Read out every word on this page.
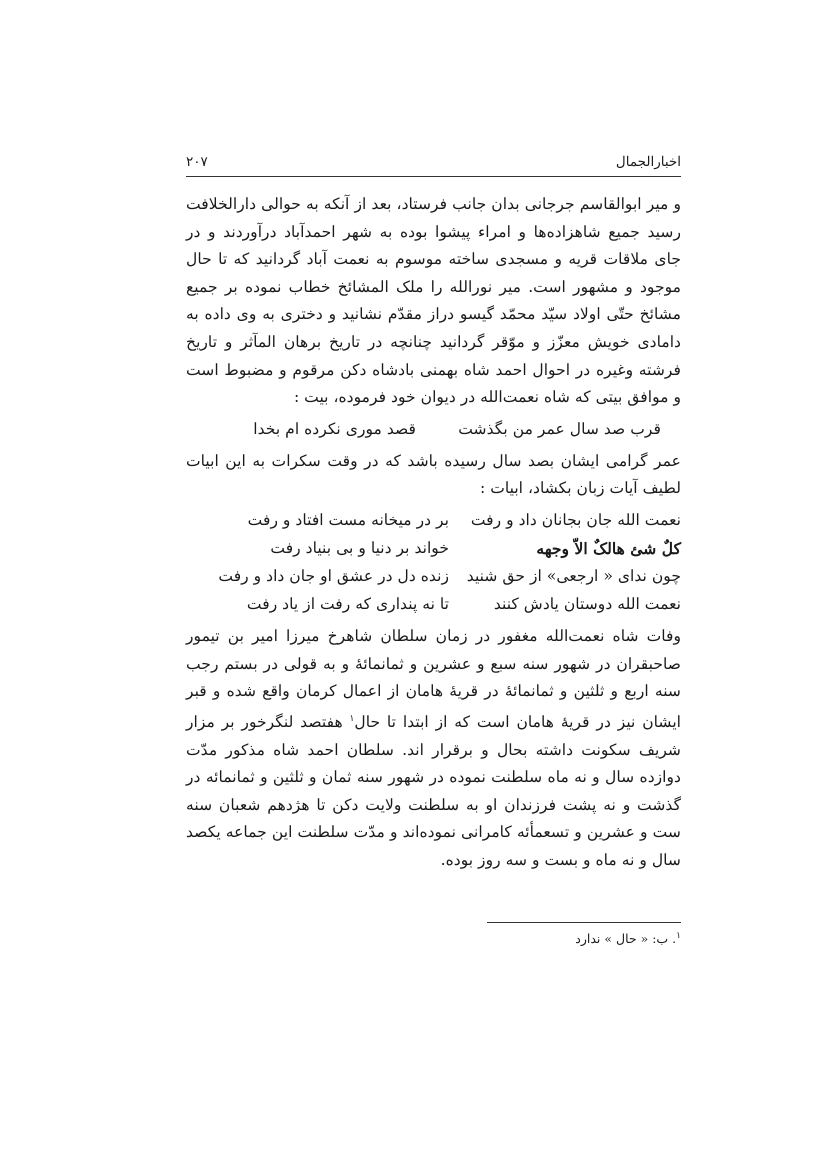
اخبارالجمال
۲۰۷

و میر ابوالقاسم جرجانی بدان جانب فرستاد، بعد از آنکه به حوالی دارالخلافت رسید جمیع شاهزاده‌ها و امراء پیشوا بوده به شهر احمدآباد درآوردند و در جای ملاقات قریه و مسجدی ساخته موسوم به نعمت آباد گردانید که تا حال موجود و مشهور است. میر نورالله را ملک المشائخ خطاب نموده بر جمیع مشائخ حتّی اولاد سیّد محمّد گیسو دراز مقدّم نشانید و دختری به وی داده به دامادی خویش معزّز و موّقر گردانید چنانچه در تاریخ برهان المآثر و تاریخ فرشته وغیره در احوال احمد شاه بهمنی بادشاه دکن مرقوم و مضبوط است و موافق بیتی که شاه نعمت‌الله در دیوان خود فرموده، بیت :

قرب صد سال عمر من بگذشت
قصد موری نکرده ام بخدا

عمر گرامی ایشان بصد سال رسیده باشد که در وقت سکرات به این ابیات لطیف آیات زبان بکشاد، ابیات :

نعمت الله جان بجانان داد و رفت
بر در میخانه مست افتاد و رفت
کلٌ شئ هالکٌ الاّ وجهه
خواند بر دنیا و بی بنیاد رفت
چون ندای « ارجعی» از حق شنید
زنده دل در عشق او جان داد و رفت
نعمت الله دوستان یادش کنند
تا نه پنداری که رفت از یاد رفت

وفات شاه نعمت‌الله مغفور در زمان سلطان شاهرخ میرزا امیر بن تیمور صاحبقران در شهور سنه سبع و عشرین و ثمانمائهٔ و به قولی در بستم رجب سنه اربع و ثلثین و ثمانمائهٔ در قریهٔ هامان از اعمال کرمان واقع شده و قبر ایشان نیز در قریهٔ هامان است که از ابتدا تا حال$^۱$ هفتصد لنگرخور بر مزار شریف سکونت داشته بحال و برقرار اند. سلطان احمد شاه مذکور مدّت دوازده سال و نه ماه سلطنت نموده در شهور سنه ثمان و ثلثین و ثمانمائه در گذشت و نه پشت فرزندان او به سلطنت ولایت دکن تا هژدهم شعبان سنه ست و عشرین و تسعمأئه کامرانی نموده‌اند و مدّت سلطنت این جماعه یکصد سال و نه ماه و بست و سه روز بوده.

$^۱$. ب: « حال » ندارد
